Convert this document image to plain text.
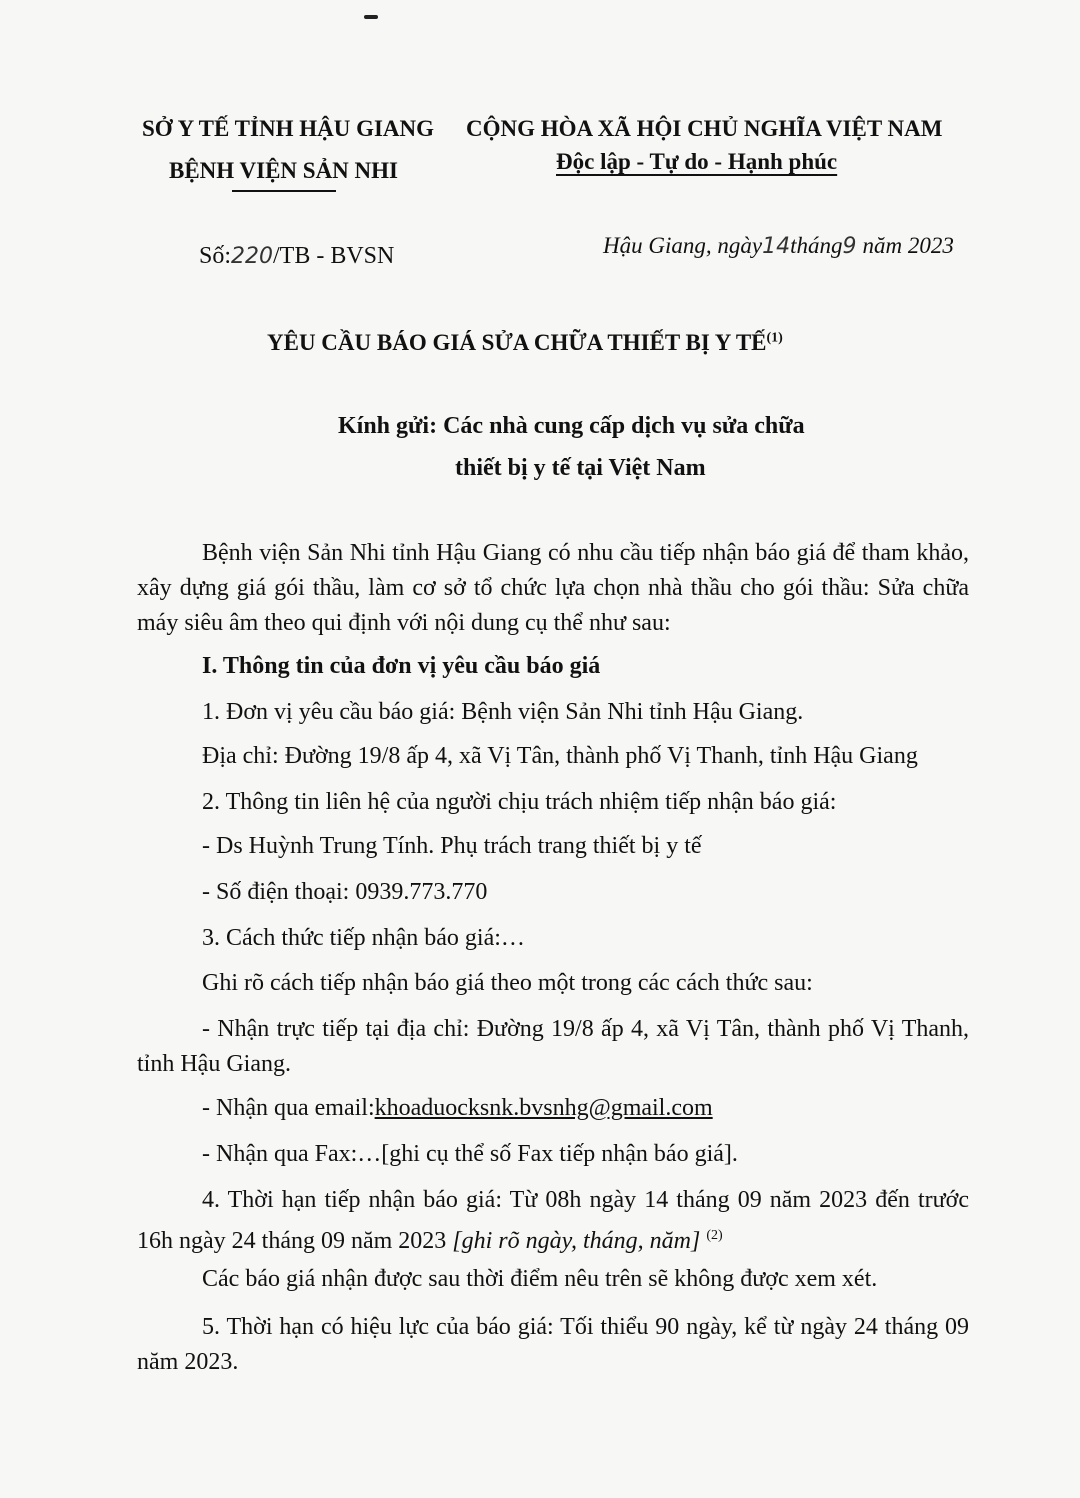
SỞ Y TẾ TỈNH HẬU GIANG
BỆNH VIỆN SẢN NHI
CỘNG HÒA XÃ HỘI CHỦ NGHĨA VIỆT NAM
Độc lập - Tự do - Hạnh phúc
Số:220/TB - BVSN	Hậu Giang, ngày14tháng9 năm 2023
YÊU CẦU BÁO GIÁ SỬA CHỮA THIẾT BỊ Y TẾ$^{(1)}$
Kính gửi: Các nhà cung cấp dịch vụ sửa chữa
thiết bị y tế tại Việt Nam
Bệnh viện Sản Nhi tỉnh Hậu Giang có nhu cầu tiếp nhận báo giá để tham khảo, xây dựng giá gói thầu, làm cơ sở tổ chức lựa chọn nhà thầu cho gói thầu: Sửa chữa máy siêu âm theo qui định với nội dung cụ thể như sau:
I. Thông tin của đơn vị yêu cầu báo giá
1. Đơn vị yêu cầu báo giá: Bệnh viện Sản Nhi tỉnh Hậu Giang.
Địa chỉ: Đường 19/8 ấp 4, xã Vị Tân, thành phố Vị Thanh, tỉnh Hậu Giang
2. Thông tin liên hệ của người chịu trách nhiệm tiếp nhận báo giá:
- Ds Huỳnh Trung Tính. Phụ trách trang thiết bị y tế
- Số điện thoại: 0939.773.770
3. Cách thức tiếp nhận báo giá:…
Ghi rõ cách tiếp nhận báo giá theo một trong các cách thức sau:
- Nhận trực tiếp tại địa chỉ: Đường 19/8 ấp 4, xã Vị Tân, thành phố Vị Thanh, tỉnh Hậu Giang.
- Nhận qua email:khoaduocksnk.bvsnhg@gmail.com
- Nhận qua Fax:…[ghi cụ thể số Fax tiếp nhận báo giá].
4. Thời hạn tiếp nhận báo giá: Từ 08h ngày 14 tháng 09 năm 2023 đến trước 16h ngày 24 tháng 09 năm 2023 [ghi rõ ngày, tháng, năm] $^{(2)}$
Các báo giá nhận được sau thời điểm nêu trên sẽ không được xem xét.
5. Thời hạn có hiệu lực của báo giá: Tối thiểu 90 ngày, kể từ ngày 24 tháng 09 năm 2023.
